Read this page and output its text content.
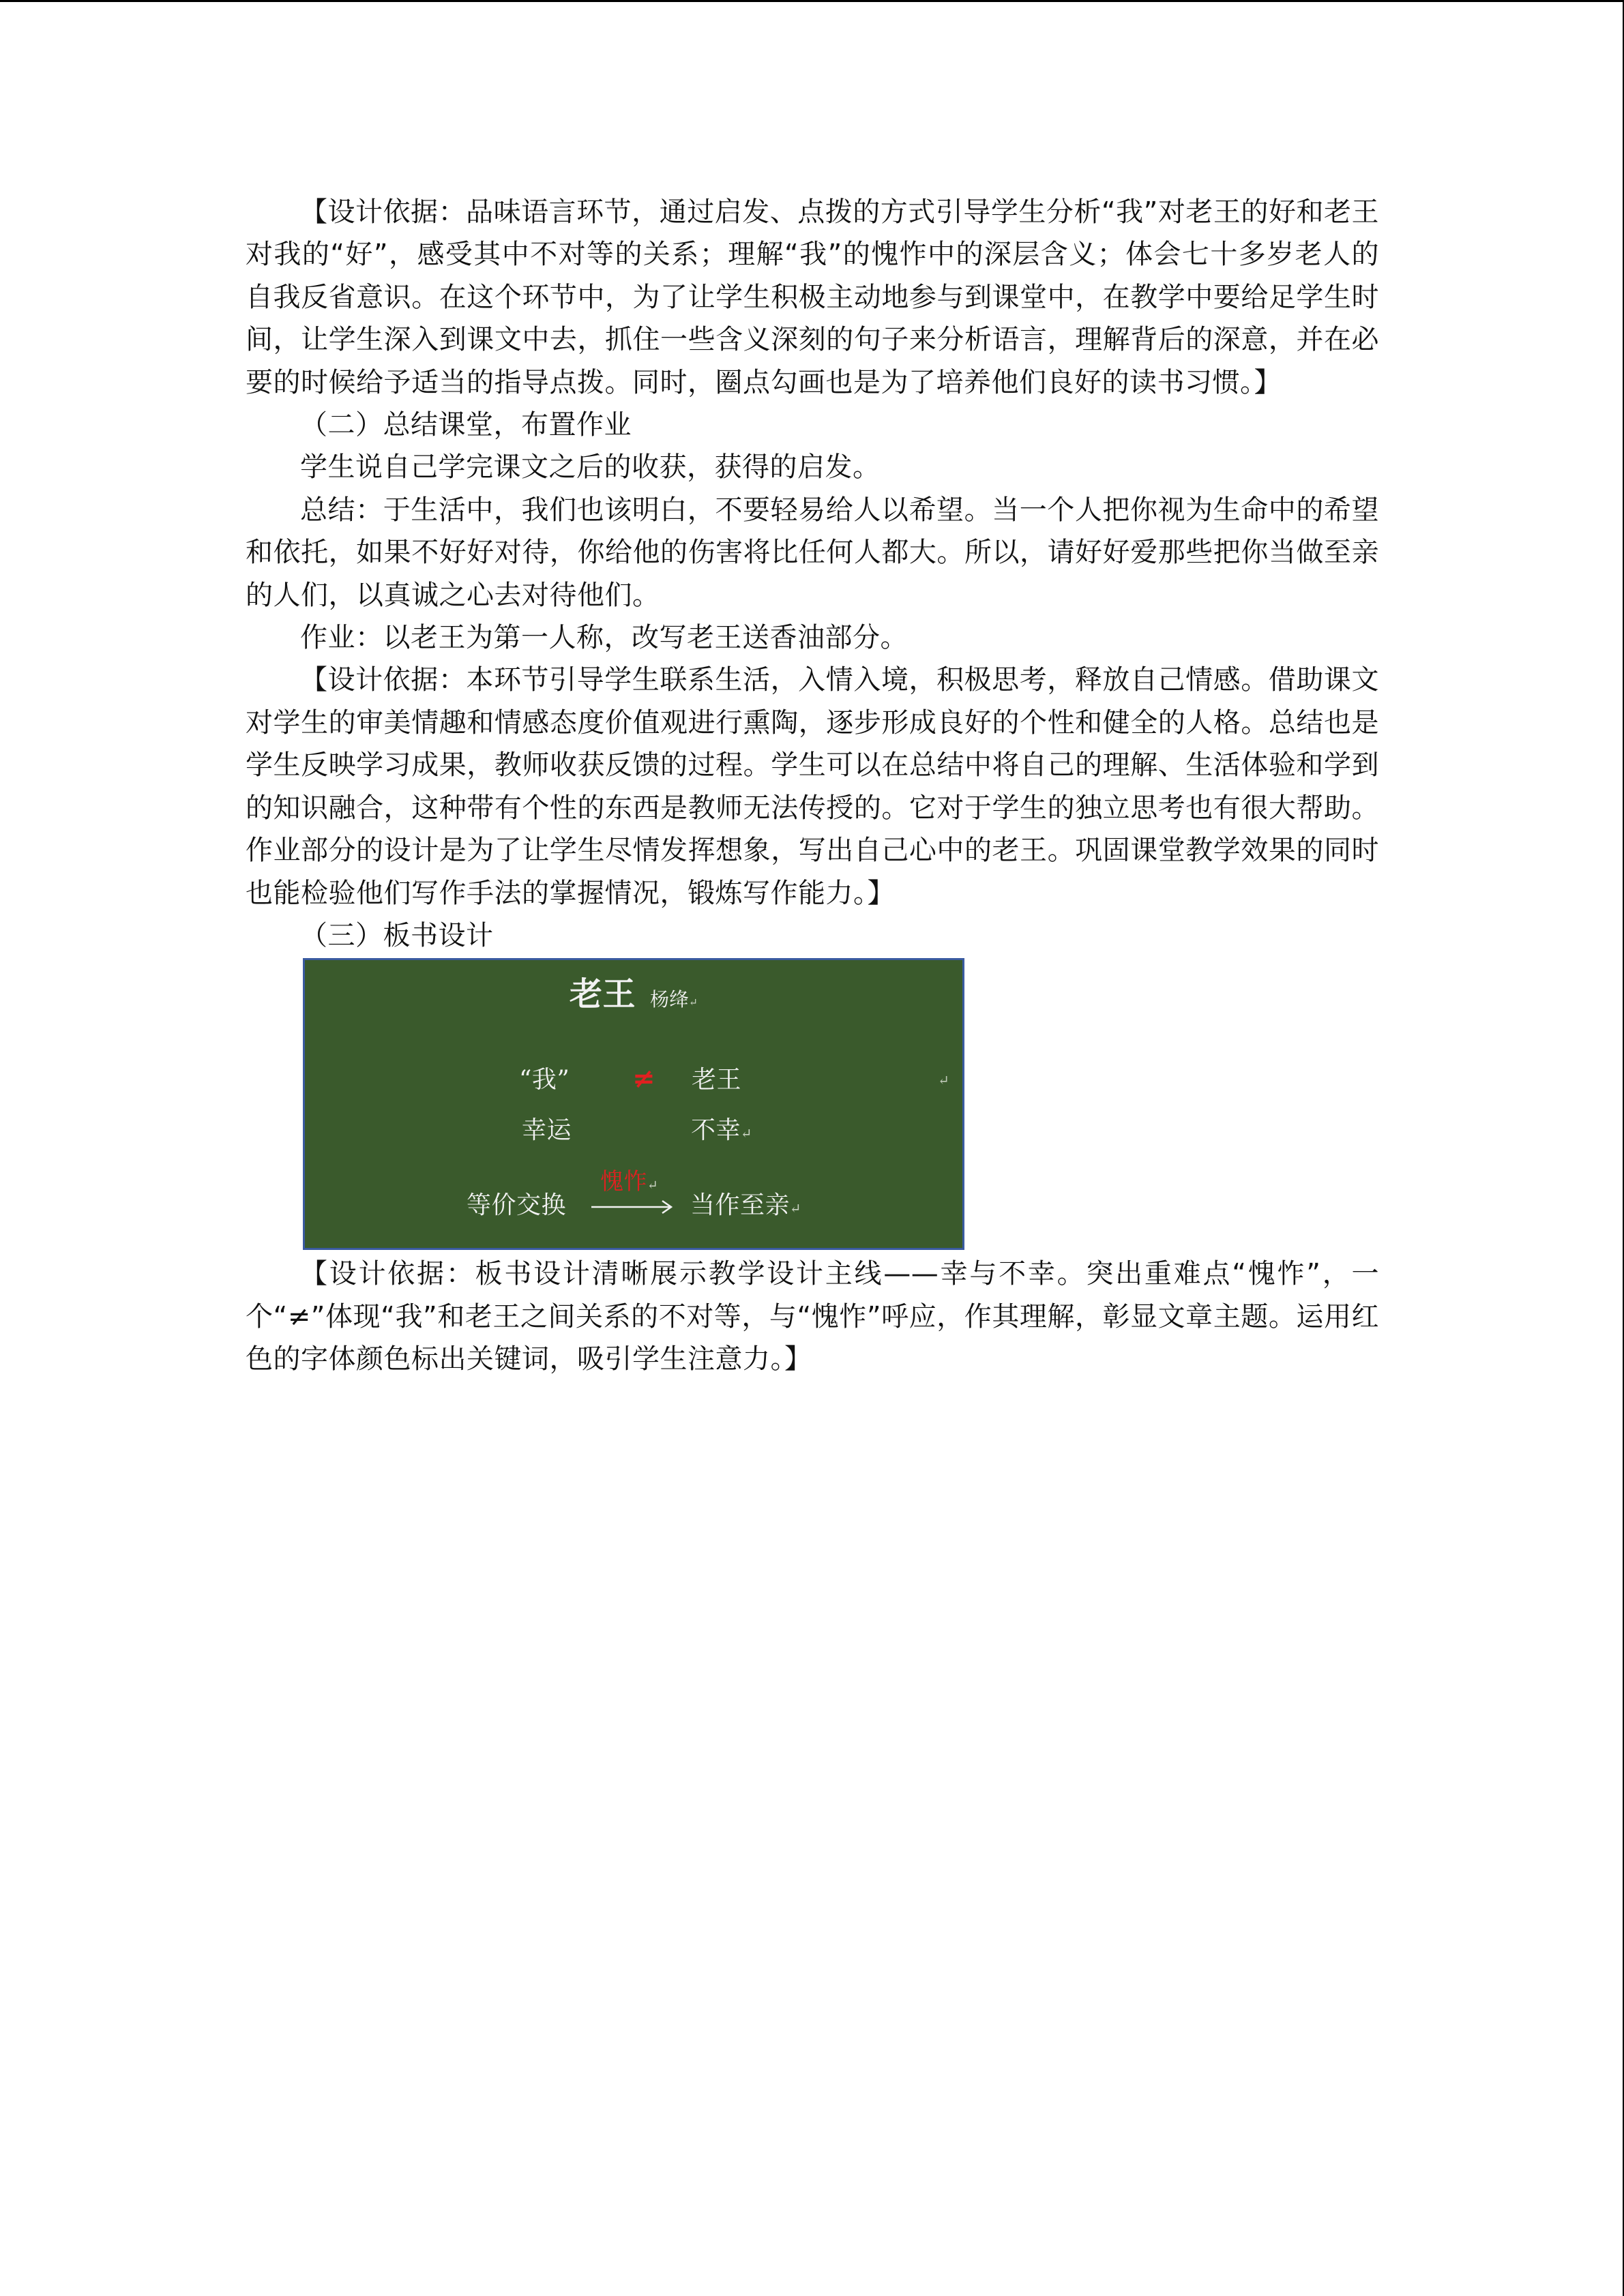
【设计依据：品味语言环节，通过启发、点拨的方式引导学生分析“我”对老王的好和老王对我的“好”，感受其中不对等的关系；理解“我”的愧怍中的深层含义；体会七十多岁老人的自我反省意识。在这个环节中，为了让学生积极主动地参与到课堂中，在教学中要给足学生时间，让学生深入到课文中去，抓住一些含义深刻的句子来分析语言，理解背后的深意，并在必要的时候给予适当的指导点拨。同时，圈点勾画也是为了培养他们良好的读书习惯。】

（二）总结课堂，布置作业

学生说自己学完课文之后的收获，获得的启发。

总结：于生活中，我们也该明白，不要轻易给人以希望。当一个人把你视为生命中的希望和依托，如果不好好对待，你给他的伤害将比任何人都大。所以，请好好爱那些把你当做至亲的人们，以真诚之心去对待他们。

作业：以老王为第一人称，改写老王送香油部分。

【设计依据：本环节引导学生联系生活，入情入境，积极思考，释放自己情感。借助课文对学生的审美情趣和情感态度价值观进行熏陶，逐步形成良好的个性和健全的人格。总结也是学生反映学习成果，教师收获反馈的过程。学生可以在总结中将自己的理解、生活体验和学到的知识融合，这种带有个性的东西是教师无法传授的。它对于学生的独立思考也有很大帮助。作业部分的设计是为了让学生尽情发挥想象，写出自己心中的老王。巩固课堂教学效果的同时也能检验他们写作手法的掌握情况，锻炼写作能力。】

（三）板书设计

老王 杨绛↵
“我” ≠ 老王	↵
幸运	不幸↵
愧怍↵
等价交换	当作至亲↵

【设计依据：板书设计清晰展示教学设计主线——幸与不幸。突出重难点“愧怍”，一个“≠”体现“我”和老王之间关系的不对等，与“愧怍”呼应，作其理解，彰显文章主题。运用红色的字体颜色标出关键词，吸引学生注意力。】
